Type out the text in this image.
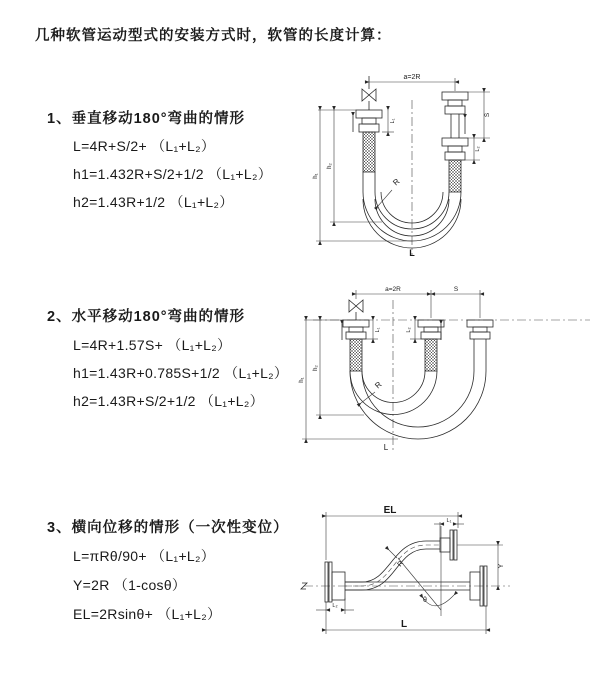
几种软管运动型式的安装方式时，软管的长度计算：
1、垂直移动180°弯曲的情形
L=4R+S/2+ （L₁+L₂）
h1=1.432R+S/2+1/2 （L₁+L₂）
h2=1.43R+1/2 （L₁+L₂）
2、水平移动180°弯曲的情形
L=4R+1.57S+ （L₁+L₂）
h1=1.43R+0.785S+1/2 （L₁+L₂）
h2=1.43R+S/2+1/2 （L₁+L₂）
3、横向位移的情形（一次性变位）
L=πRθ/90+ （L₁+L₂）
Y=2R （1-cosθ）
EL=2Rsinθ+ （L₁+L₂）
a=2R
h₁
h₂
L₁
S
L₂
R
L
a=2R	S
h₁
h₂
L₁	L₂
R
L
EL
L₁
Y
R
θ
L₂
L
